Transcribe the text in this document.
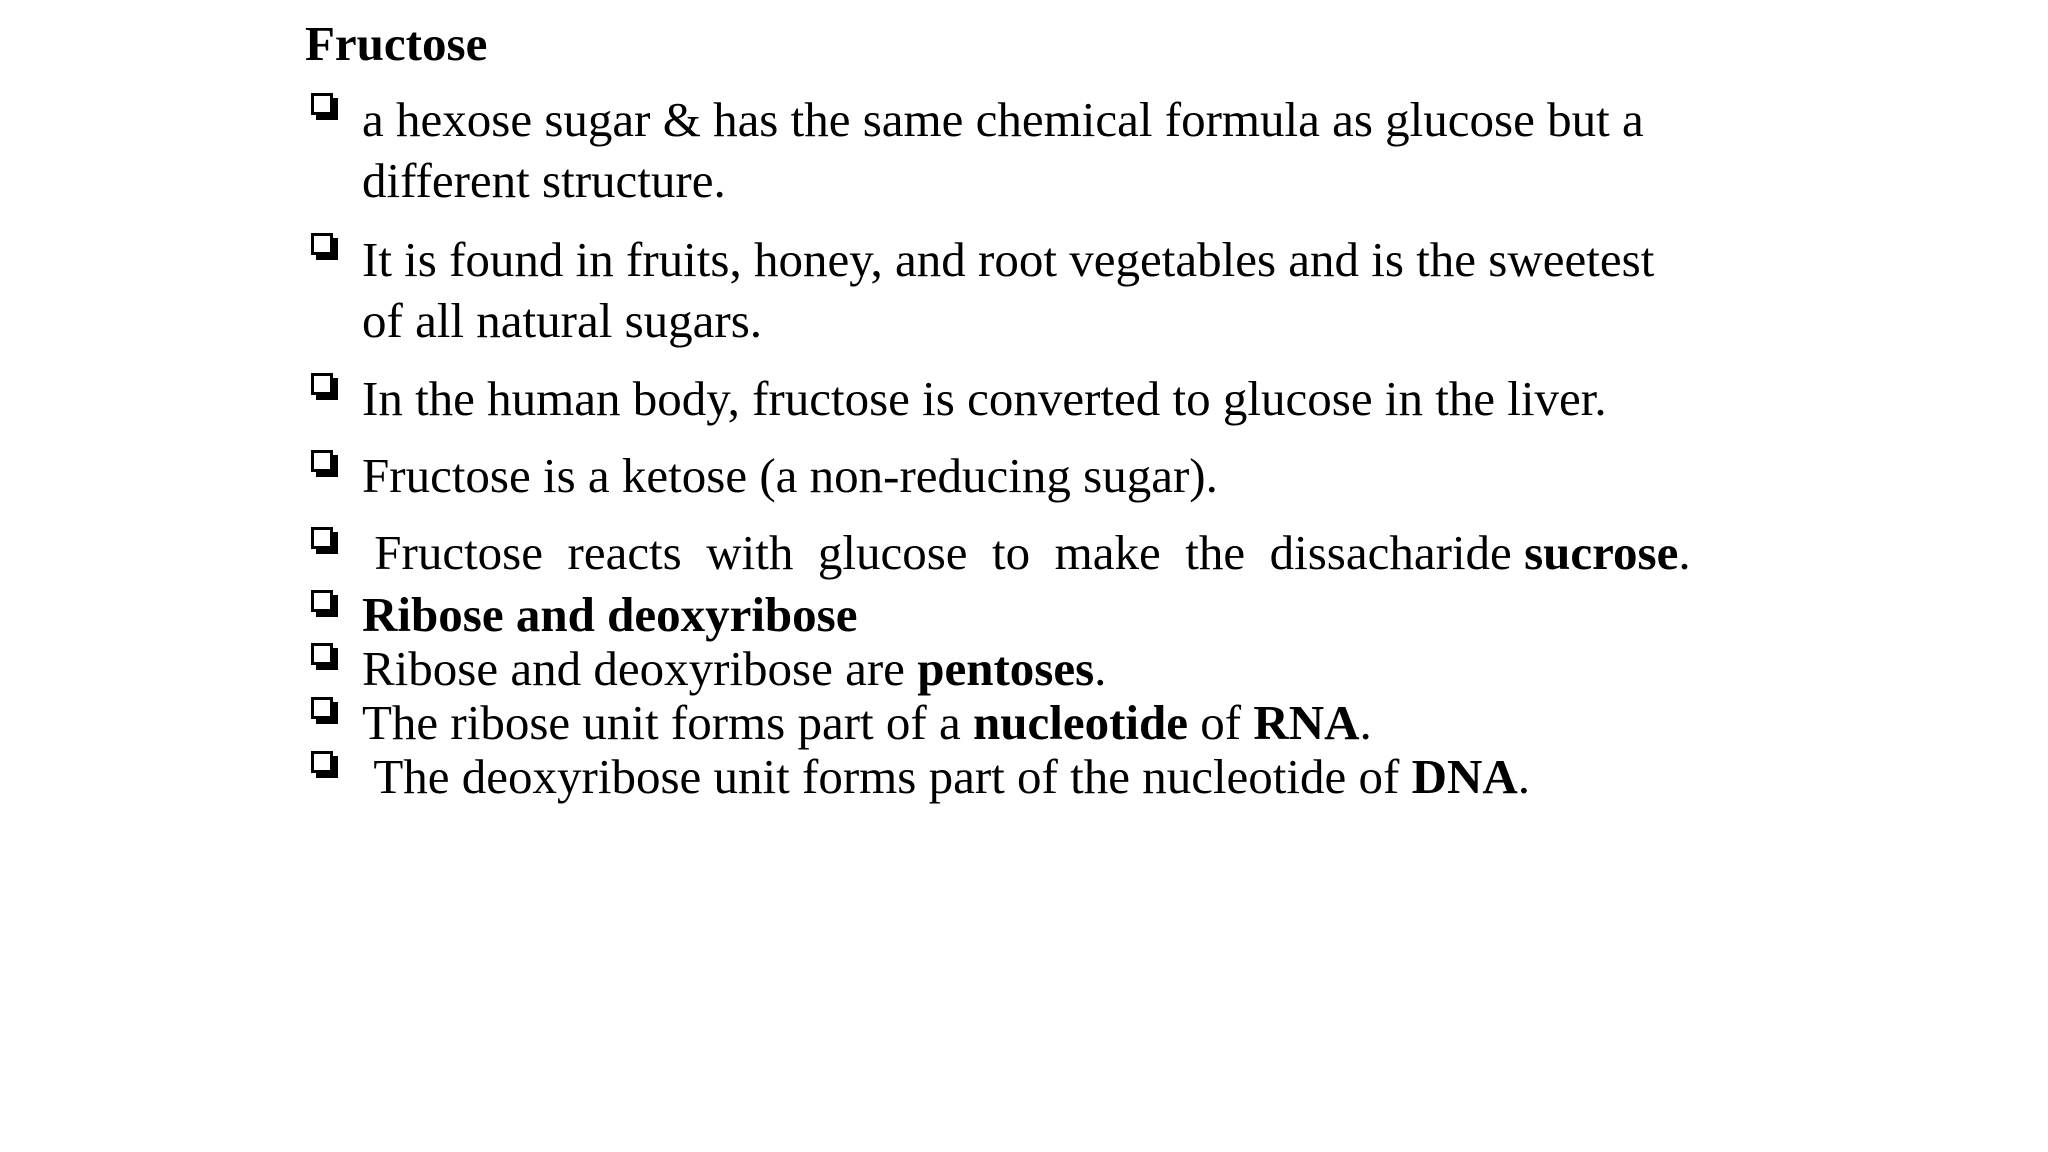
Fructose
a hexose sugar & has the same chemical formula as glucose but a
different structure.
It is found in fruits, honey, and root vegetables and is the sweetest
of all natural sugars.
In the human body, fructose is converted to glucose in the liver.
Fructose is a ketose (a non-reducing sugar).
Fructose  reacts  with  glucose  to  make  the  dissacharide sucrose.
Ribose and deoxyribose
Ribose and deoxyribose are pentoses.
The ribose unit forms part of a nucleotide of RNA.
The deoxyribose unit forms part of the nucleotide of DNA.
